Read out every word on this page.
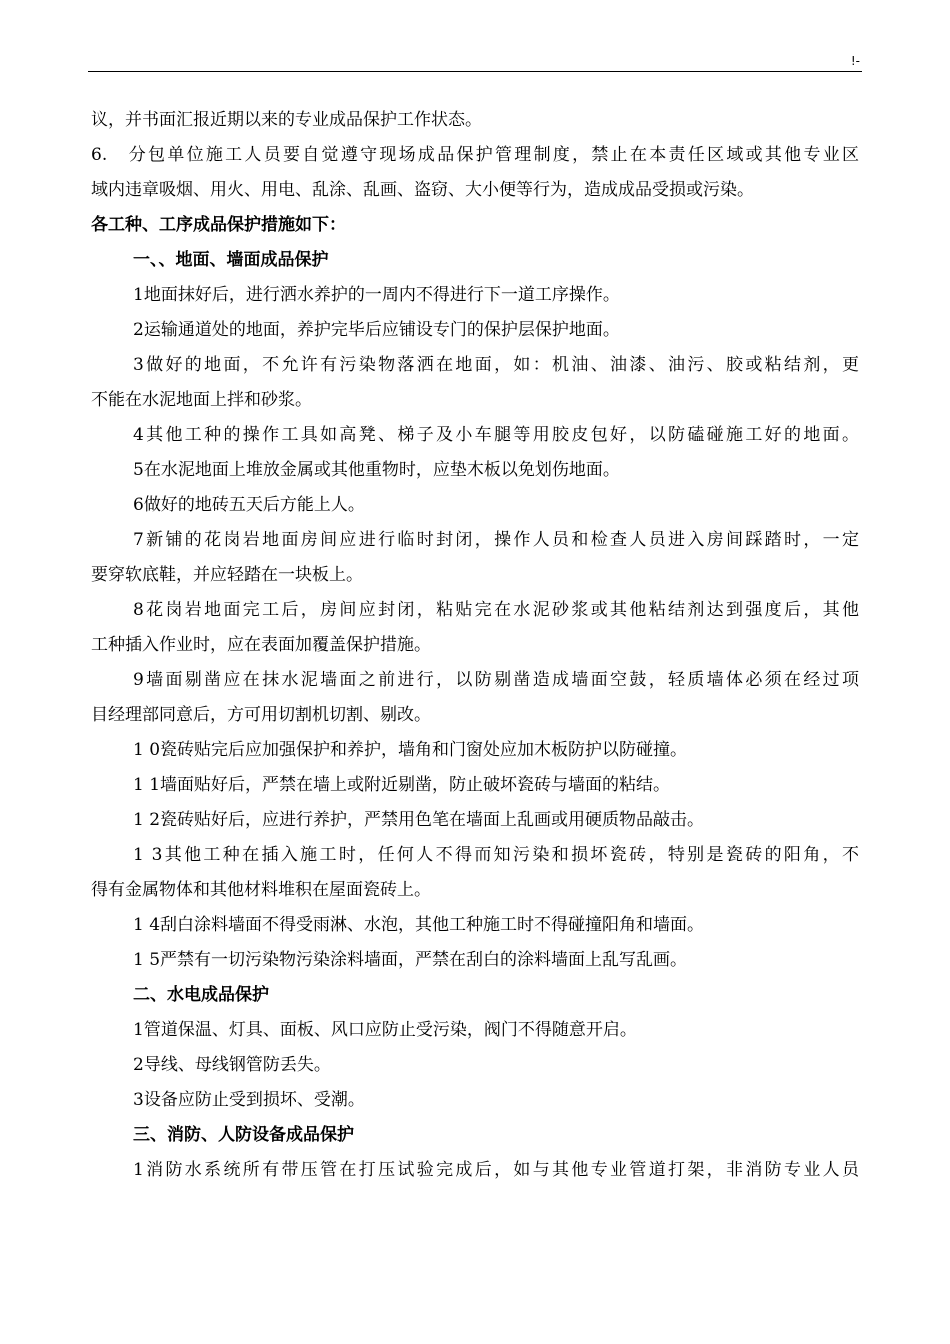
!-

议，并书面汇报近期以来的专业成品保护工作状态。

6.　分包单位施工人员要自觉遵守现场成品保护管理制度，禁止在本责任区域或其他专业区

域内违章吸烟、用火、用电、乱涂、乱画、盗窃、大小便等行为，造成成品受损或污染。

各工种、工序成品保护措施如下：

一、、地面、墙面成品保护

1地面抹好后，进行洒水养护的一周内不得进行下一道工序操作。

2运输通道处的地面，养护完毕后应铺设专门的保护层保护地面。

3做好的地面，不允许有污染物落洒在地面，如：机油、油漆、油污、胶或粘结剂，更

不能在水泥地面上拌和砂浆。

4其他工种的操作工具如高凳、梯子及小车腿等用胶皮包好，以防磕碰施工好的地面。

5在水泥地面上堆放金属或其他重物时，应垫木板以免划伤地面。

6做好的地砖五天后方能上人。

7新铺的花岗岩地面房间应进行临时封闭，操作人员和检查人员进入房间踩踏时，一定

要穿软底鞋，并应轻踏在一块板上。

8花岗岩地面完工后，房间应封闭，粘贴完在水泥砂浆或其他粘结剂达到强度后，其他

工种插入作业时，应在表面加覆盖保护措施。

9墙面剔凿应在抹水泥墙面之前进行，以防剔凿造成墙面空鼓，轻质墙体必须在经过项

目经理部同意后，方可用切割机切割、剔改。

1 0瓷砖贴完后应加强保护和养护，墙角和门窗处应加木板防护以防碰撞。

1 1墙面贴好后，严禁在墙上或附近剔凿，防止破坏瓷砖与墙面的粘结。

1 2瓷砖贴好后，应进行养护，严禁用色笔在墙面上乱画或用硬质物品敲击。

1 3其他工种在插入施工时，任何人不得而知污染和损坏瓷砖，特别是瓷砖的阳角，不

得有金属物体和其他材料堆积在屋面瓷砖上。

1 4刮白涂料墙面不得受雨淋、水泡，其他工种施工时不得碰撞阳角和墙面。

1 5严禁有一切污染物污染涂料墙面，严禁在刮白的涂料墙面上乱写乱画。

二、水电成品保护

1管道保温、灯具、面板、风口应防止受污染，阀门不得随意开启。

2导线、母线钢管防丢失。

3设备应防止受到损坏、受潮。

三、消防、人防设备成品保护

1消防水系统所有带压管在打压试验完成后，如与其他专业管道打架，非消防专业人员
